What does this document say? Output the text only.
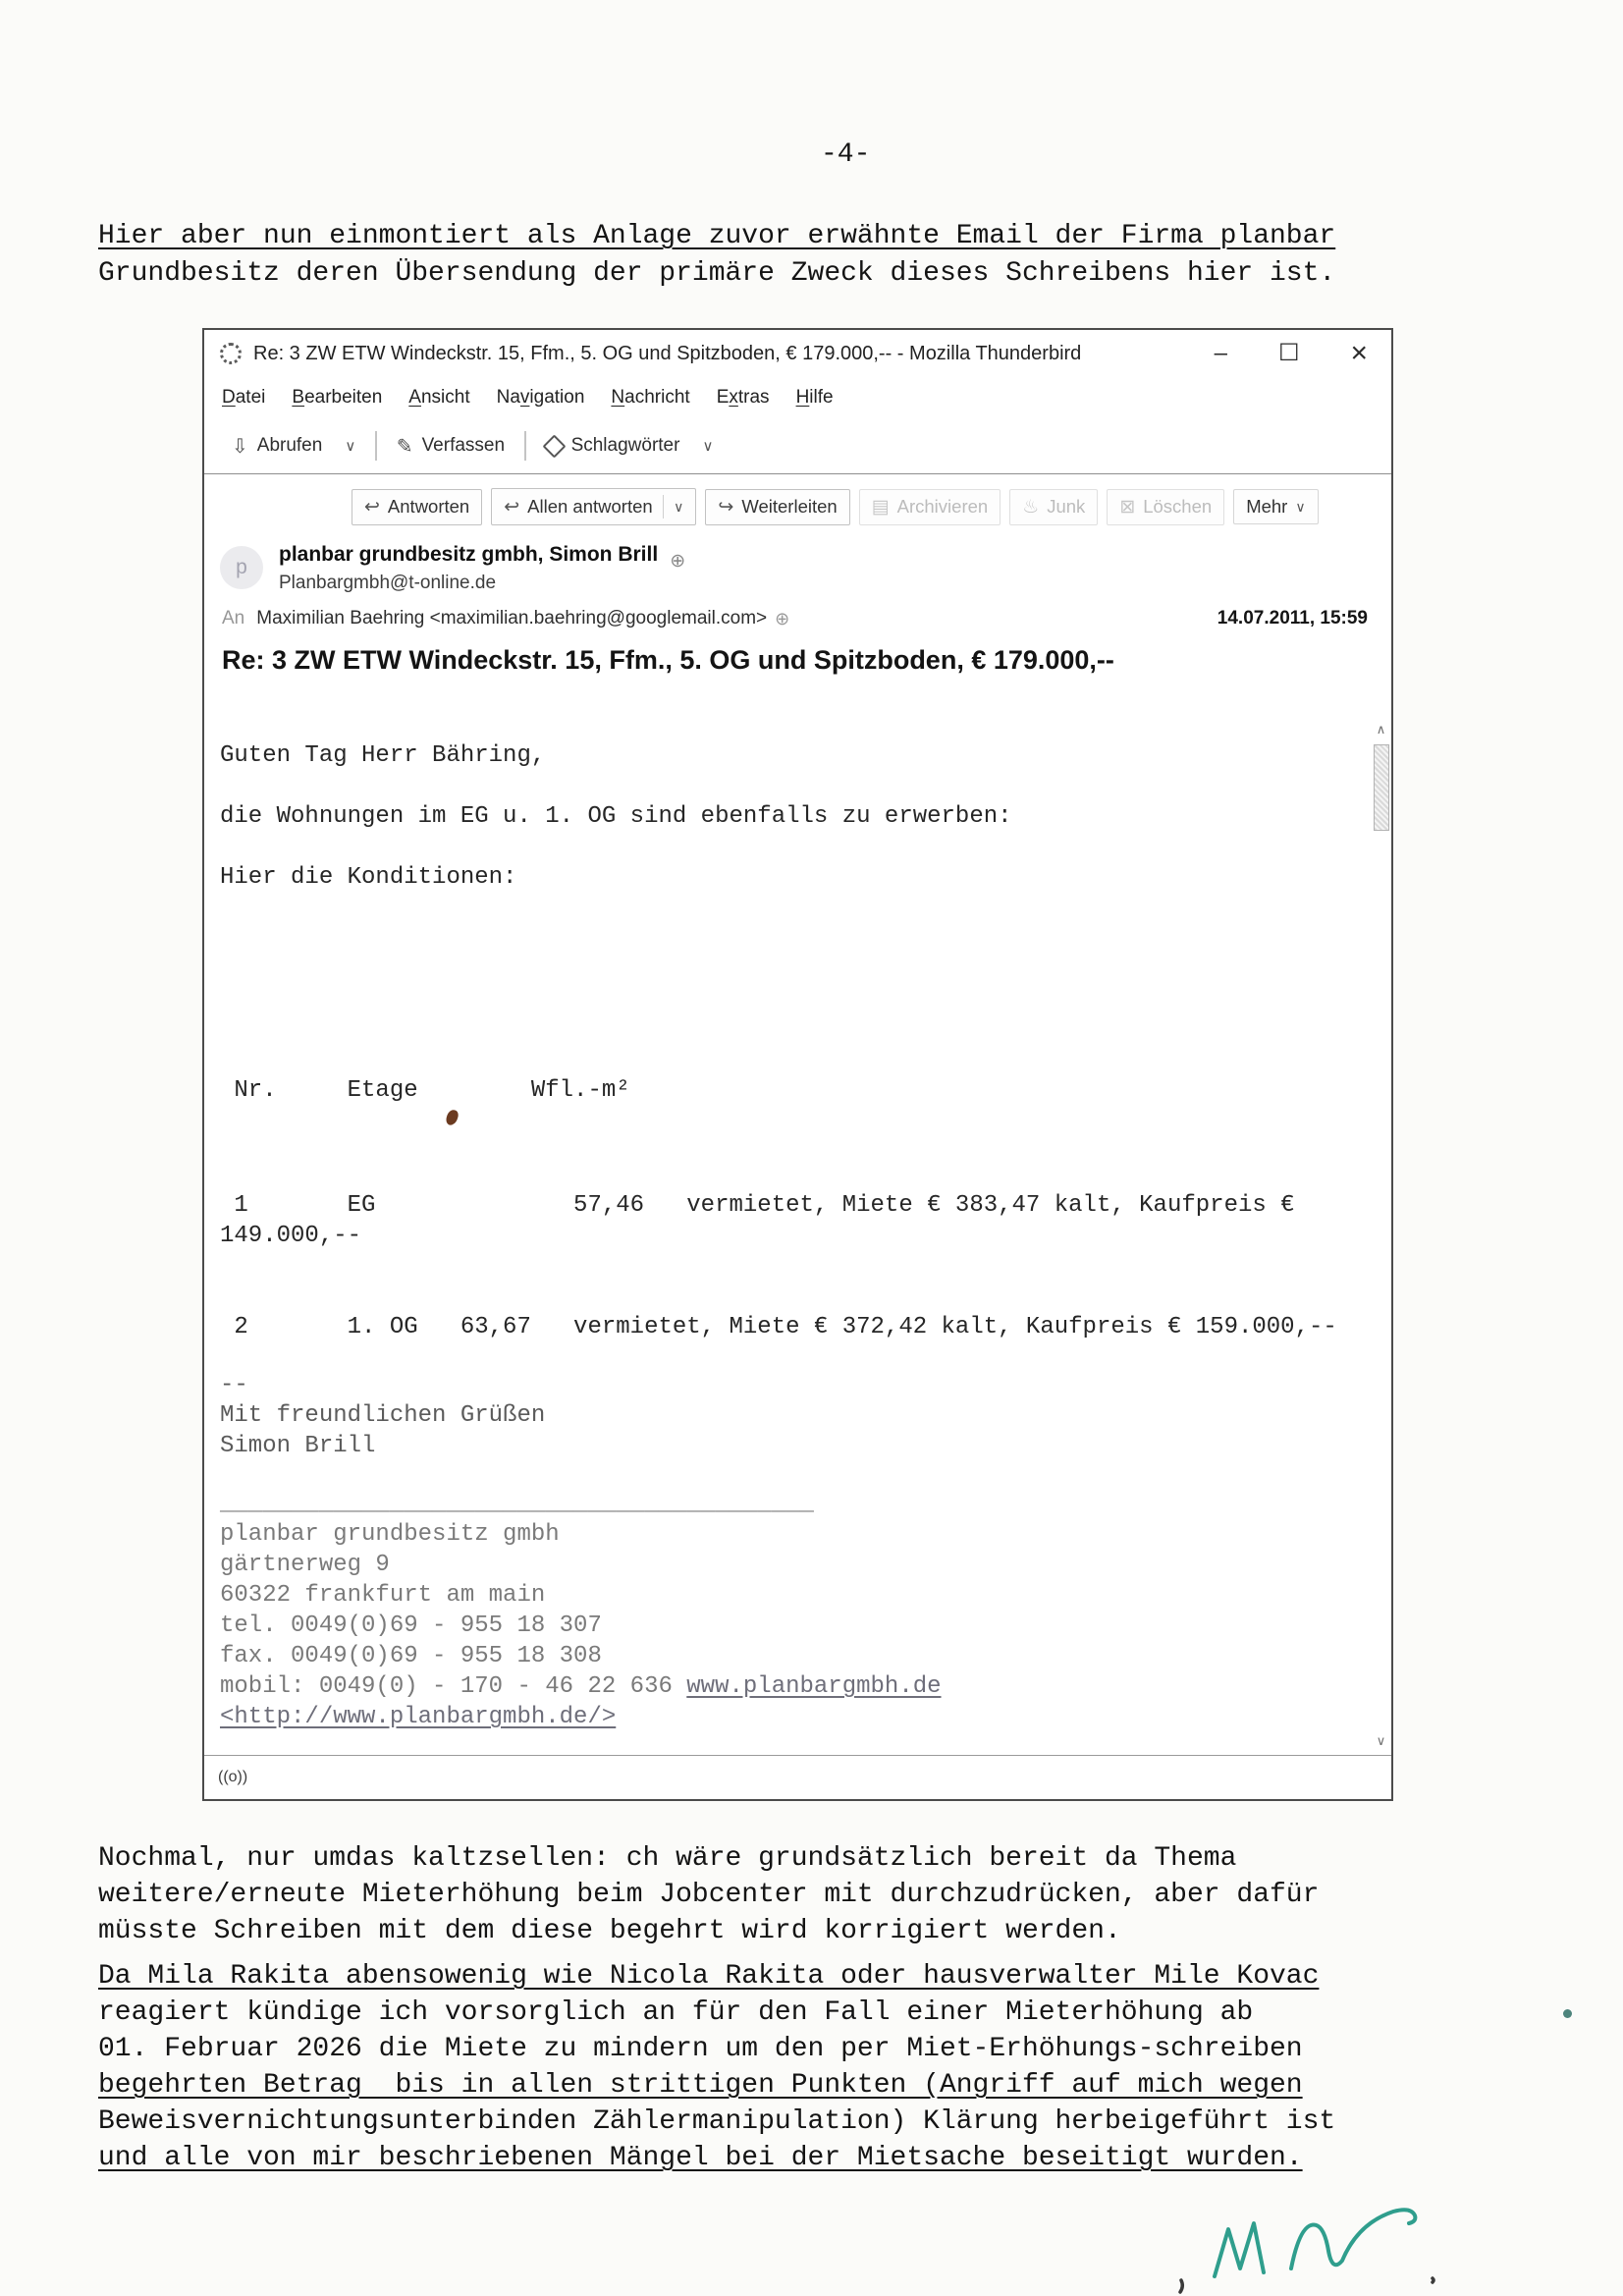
-4-
Hier aber nun einmontiert als Anlage zuvor erwähnte Email der Firma planbar
Grundbesitz deren Übersendung der primäre Zweck dieses Schreibens hier ist.
Re: 3 ZW ETW Windeckstr. 15, Ffm., 5. OG und Spitzboden, € 179.000,-- - Mozilla Thunderbird	– ☐ ×
Datei Bearbeiten Ansicht Navigation Nachricht Extras Hilfe
⇩ Abrufen ∨ ✎ Verfassen	Schlagwörter ∨
↩ Antworten ↩ Allen antworten ∨ ↪ Weiterleiten ▤ Archivieren ♨ Junk ⊠ Löschen Mehr ∨
p
planbar grundbesitz gmbh, Simon Brill ⊕
Planbargmbh@t-online.de
An Maximilian Baehring <maximilian.baehring@googlemail.com> ⊕	14.07.2011, 15:59
Re: 3 ZW ETW Windeckstr. 15, Ffm., 5. OG und Spitzboden, € 179.000,--
Guten Tag Herr Bähring,
die Wohnungen im EG u. 1. OG sind ebenfalls zu erwerben:
Hier die Konditionen:
Nr.     Etage        Wfl.-m²
1       EG              57,46   vermietet, Miete € 383,47 kalt, Kaufpreis €
149.000,--
2       1. OG   63,67   vermietet, Miete € 372,42 kalt, Kaufpreis € 159.000,--
--
Mit freundlichen Grüßen
Simon Brill
__________________________________________
planbar grundbesitz gmbh
gärtnerweg 9
60322 frankfurt am main
tel. 0049(0)69 - 955 18 307
fax. 0049(0)69 - 955 18 308
mobil: 0049(0) - 170 - 46 22 636 www.planbargmbh.de
<http://www.planbargmbh.de/>
∧
∨
((o))
Nochmal, nur umdas kaltzsellen: ch wäre grundsätzlich bereit da Thema
weitere/erneute Mieterhöhung beim Jobcenter mit durchzudrücken, aber dafür
müsste Schreiben mit dem diese begehrt wird korrigiert werden.
Da Mila Rakita abensowenig wie Nicola Rakita oder hausverwalter Mile Kovac
reagiert kündige ich vorsorglich an für den Fall einer Mieterhöhung ab
01. Februar 2026 die Miete zu mindern um den per Miet-Erhöhungs-schreiben
begehrten Betrag  bis in allen strittigen Punkten (Angriff auf mich wegen
Beweisvernichtungsunterbinden Zählermanipulation) Klärung herbeigeführt ist
und alle von mir beschriebenen Mängel bei der Mietsache beseitigt wurden.
